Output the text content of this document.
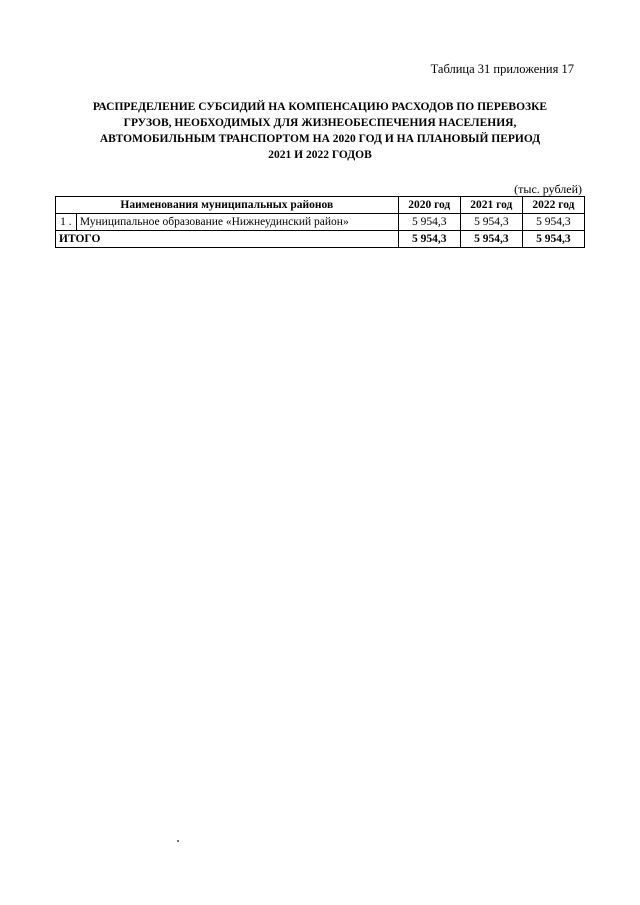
Таблица 31 приложения 17
РАСПРЕДЕЛЕНИЕ СУБСИДИЙ НА КОМПЕНСАЦИЮ РАСХОДОВ ПО ПЕРЕВОЗКЕ
ГРУЗОВ, НЕОБХОДИМЫХ ДЛЯ ЖИЗНЕОБЕСПЕЧЕНИЯ НАСЕЛЕНИЯ,
АВТОМОБИЛЬНЫМ ТРАНСПОРТОМ НА 2020 ГОД И НА ПЛАНОВЫЙ ПЕРИОД
2021 И 2022 ГОДОВ
(тыс. рублей)
Наименования муниципальных районов		2020 год	2021 год	2022 год
1 .	Муниципальное образование «Нижнеудинский район»	5 954,3	5 954,3	5 954,3
ИТОГО		5 954,3	5 954,3	5 954,3
